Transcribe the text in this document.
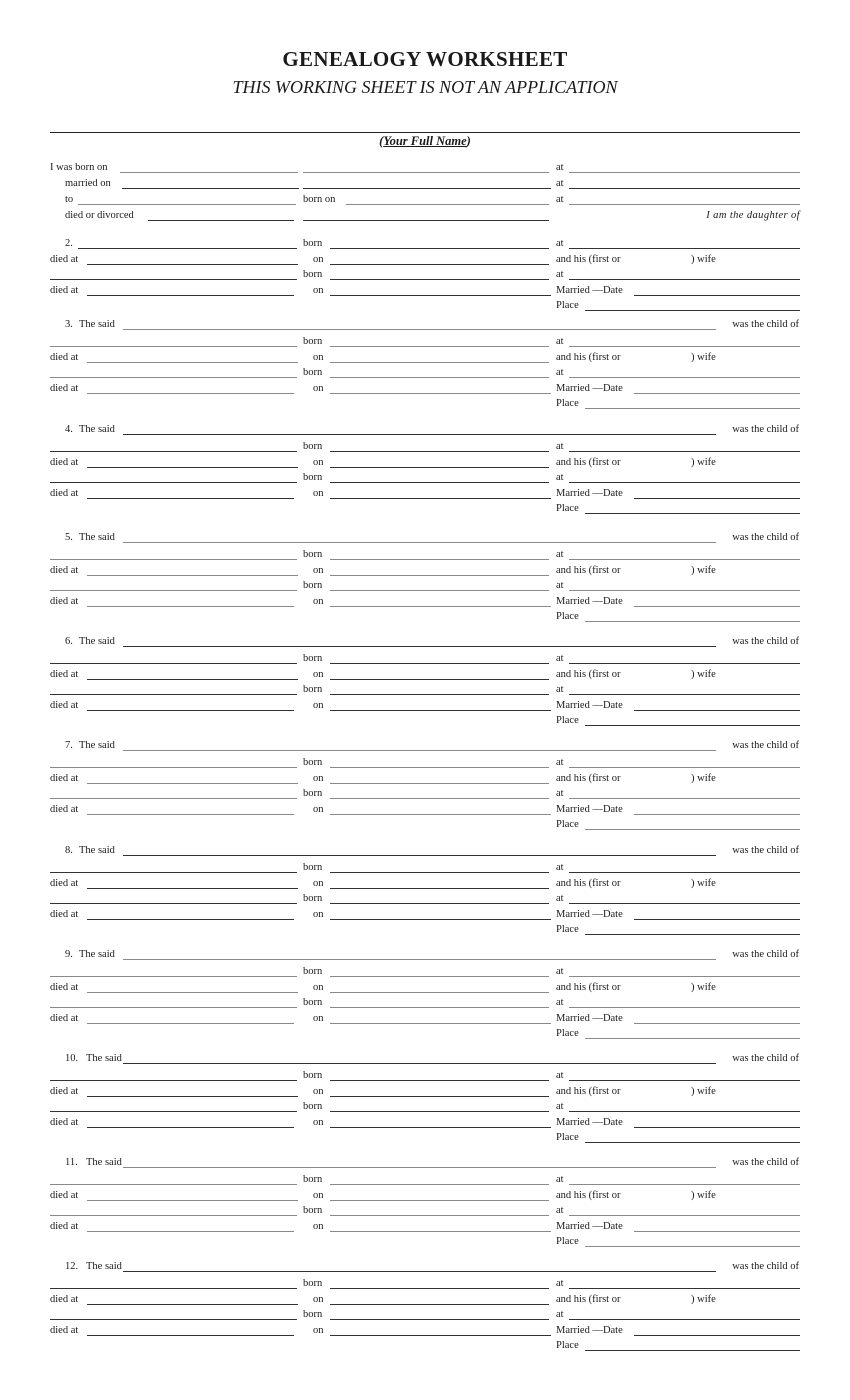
GENEALOGY WORKSHEET
THIS WORKING SHEET IS NOT AN APPLICATION
(Your Full Name)
I was born on	at
married on	at
to	born on	at
died or divorced	I am the daughter of
2.	born	at
died at	on	and his (first or	) wife
born	at
died at	on	Married —Date
Place
3. The said	was the child of
born	at
died at	on	and his (first or	) wife
born	at
died at	on	Married —Date
Place
4. The said	was the child of
born	at
died at	on	and his (first or	) wife
born	at
died at	on	Married —Date
Place
5. The said	was the child of
born	at
died at	on	and his (first or	) wife
born	at
died at	on	Married —Date
Place
6. The said	was the child of
born	at
died at	on	and his (first or	) wife
born	at
died at	on	Married —Date
Place
7. The said	was the child of
born	at
died at	on	and his (first or	) wife
born	at
died at	on	Married —Date
Place
8. The said	was the child of
born	at
died at	on	and his (first or	) wife
born	at
died at	on	Married —Date
Place
9. The said	was the child of
born	at
died at	on	and his (first or	) wife
born	at
died at	on	Married —Date
Place
10. The said	was the child of
born	at
died at	on	and his (first or	) wife
born	at
died at	on	Married —Date
Place
11. The said	was the child of
born	at
died at	on	and his (first or	) wife
born	at
died at	on	Married —Date
Place
12. The said	was the child of
born	at
died at	on	and his (first or	) wife
born	at
died at	on	Married —Date
Place
